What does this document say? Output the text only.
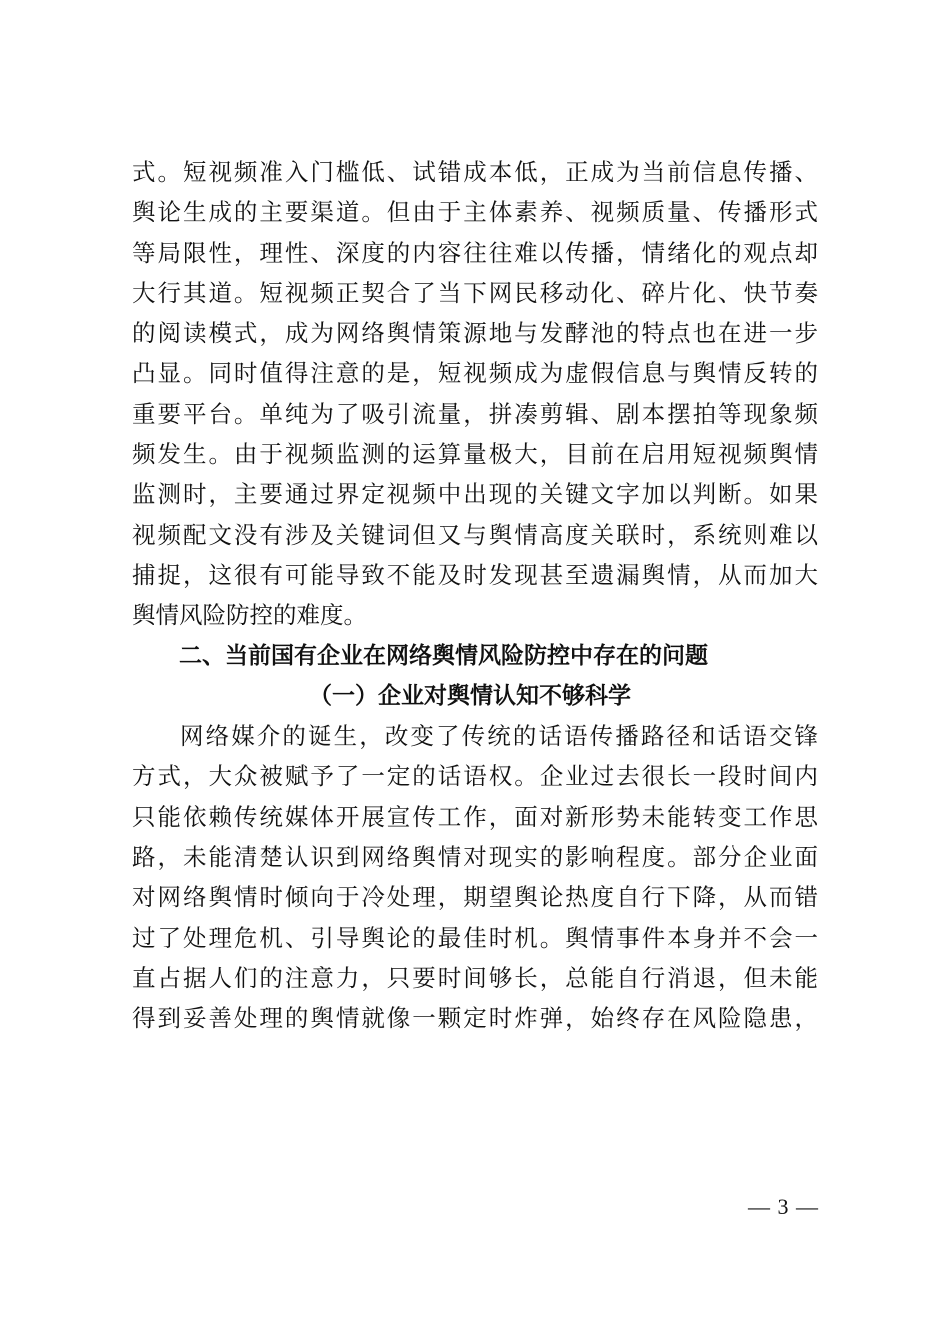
式。短视频准入门槛低、试错成本低，正成为当前信息传播、
舆论生成的主要渠道。但由于主体素养、视频质量、传播形式
等局限性，理性、深度的内容往往难以传播，情绪化的观点却
大行其道。短视频正契合了当下网民移动化、碎片化、快节奏
的阅读模式，成为网络舆情策源地与发酵池的特点也在进一步
凸显。同时值得注意的是，短视频成为虚假信息与舆情反转的
重要平台。单纯为了吸引流量，拼凑剪辑、剧本摆拍等现象频
频发生。由于视频监测的运算量极大，目前在启用短视频舆情
监测时，主要通过界定视频中出现的关键文字加以判断。如果
视频配文没有涉及关键词但又与舆情高度关联时，系统则难以
捕捉，这很有可能导致不能及时发现甚至遗漏舆情，从而加大
舆情风险防控的难度。
二、当前国有企业在网络舆情风险防控中存在的问题
（一）企业对舆情认知不够科学
网络媒介的诞生，改变了传统的话语传播路径和话语交锋
方式，大众被赋予了一定的话语权。企业过去很长一段时间内
只能依赖传统媒体开展宣传工作，面对新形势未能转变工作思
路，未能清楚认识到网络舆情对现实的影响程度。部分企业面
对网络舆情时倾向于冷处理，期望舆论热度自行下降，从而错
过了处理危机、引导舆论的最佳时机。舆情事件本身并不会一
直占据人们的注意力，只要时间够长，总能自行消退，但未能
得到妥善处理的舆情就像一颗定时炸弹，始终存在风险隐患，
— 3 —
